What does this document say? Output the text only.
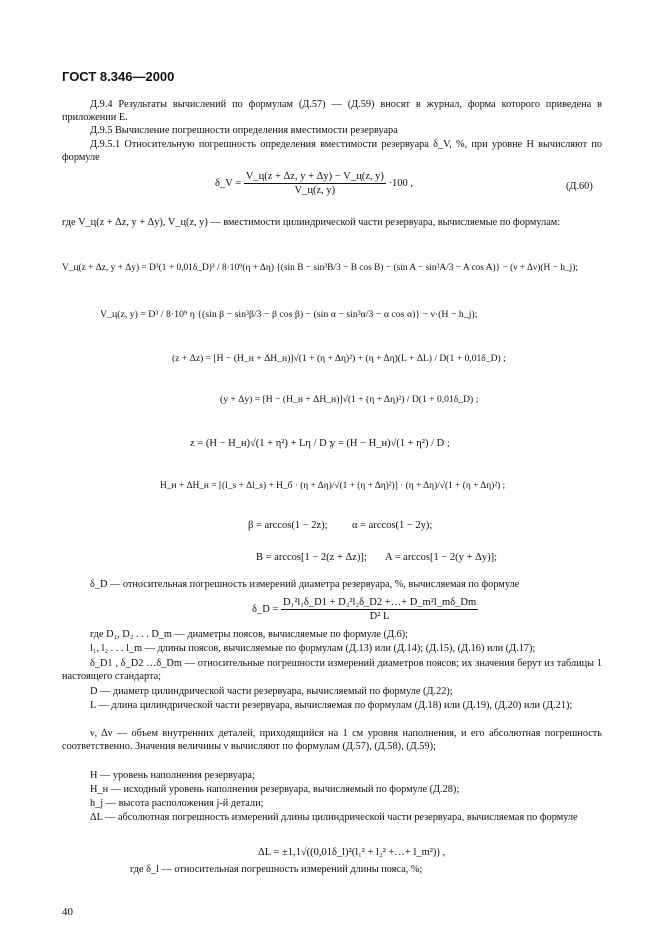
ГОСТ 8.346—2000
Д.9.4 Результаты вычислений по формулам (Д.57) — (Д.59) вносят в журнал, форма которого приведена в приложении Е.
Д.9.5 Вычисление погрешности определения вместимости резервуара
Д.9.5.1 Относительную погрешность определения вместимости резервуара δ_V, %, при уровне H вычисляют по формуле
δ_V = $\frac{V\_ц(z + \Delta z, y + \Delta y) - V\_ц(z, y)}{V\_ц(z, y)} \cdot 100$ ,	(Д.60)
где V_ц(z + Δz, y + Δy), V_ц(z, y) — вместимости цилиндрической части резервуара, вычисляемые по формулам:
V_ц(z + Δz, y + Δy) = D³(1 + 0,01δ_D)³ / 8·10⁹(η + Δη) {(sin B − sin³B/3 − B cos B) − (sin A − sin³A/3 − A cos A)} − (ν + Δν)(H − h_j);
V_ц(z, y) = D³ / 8·10⁹ η {(sin β − sin³β/3 − β cos β) − (sin α − sin³α/3 − α cos α)} − ν·(H − h_j);
(z + Δz) = [H − (H_н + ΔH_н)]√(1 + (η + Δη)²) + (η + Δη)(L + ΔL) / D(1 + 0,01δ_D) ;
(y + Δy) = [H − (H_н + ΔH_н)]√(1 + (η + Δη)²) / D(1 + 0,01δ_D) ;
z = (H − H_н)√(1 + η²) + Lη / D ;
y = (H − H_н)√(1 + η²) / D ;
H_н + ΔH_н = [(l_s + Δl_s) + H_б · (η + Δη)/√(1 + (η + Δη)²)] · (η + Δη)/√(1 + (η + Δη)²) ;
β = arccos(1 − 2z); α = arccos(1 − 2y);
B = arccos[1 − 2(z + Δz)]; A = arccos[1 − 2(y + Δy)];
δ_D — относительная погрешность измерений диаметра резервуара, %, вычисляемая по формуле
δ_D = $\frac{\text{D₁²l₁δ\_D1 + D₂²l₂δ\_D2 +…+ D\_m²l\_mδ\_Dm}}{\text{D² L}}$
где D₁, D₂ . . . D_m — диаметры поясов, вычисляемые по формуле (Д.6);
l₁, l₂ . . . l_m — длины поясов, вычисляемые по формулам (Д.13) или (Д.14); (Д.15), (Д.16) или (Д.17);
δ_D1 , δ_D2 …δ_Dm — относительные погрешности измерений диаметров поясов; их значения берут из таблицы 1 настоящего стандарта;
D — диаметр цилиндрической части резервуара, вычисляемый по формуле (Д.22);
L — длина цилиндрической части резервуара, вычисляемая по формулам (Д.18) или (Д.19), (Д.20) или (Д.21);
ν, Δν — объем внутренних деталей, приходящийся на 1 см уровня наполнения, и его абсолютная погрешность соответственно. Значения величины ν вычисляют по формулам (Д.57), (Д.58), (Д.59);
H — уровень наполнения резервуара;
H_н — исходный уровень наполнения резервуара, вычисляемый по формуле (Д.28);
h_j — высота расположения j-й детали;
ΔL — абсолютная погрешность измерений длины цилиндрической части резервуара, вычисляемая по формуле
ΔL = ±1,1√((0,01δ_l)²(l₁² + l₂² +…+ l_m²)) ,
где δ_l — относительная погрешность измерений длины пояса, %;
40
